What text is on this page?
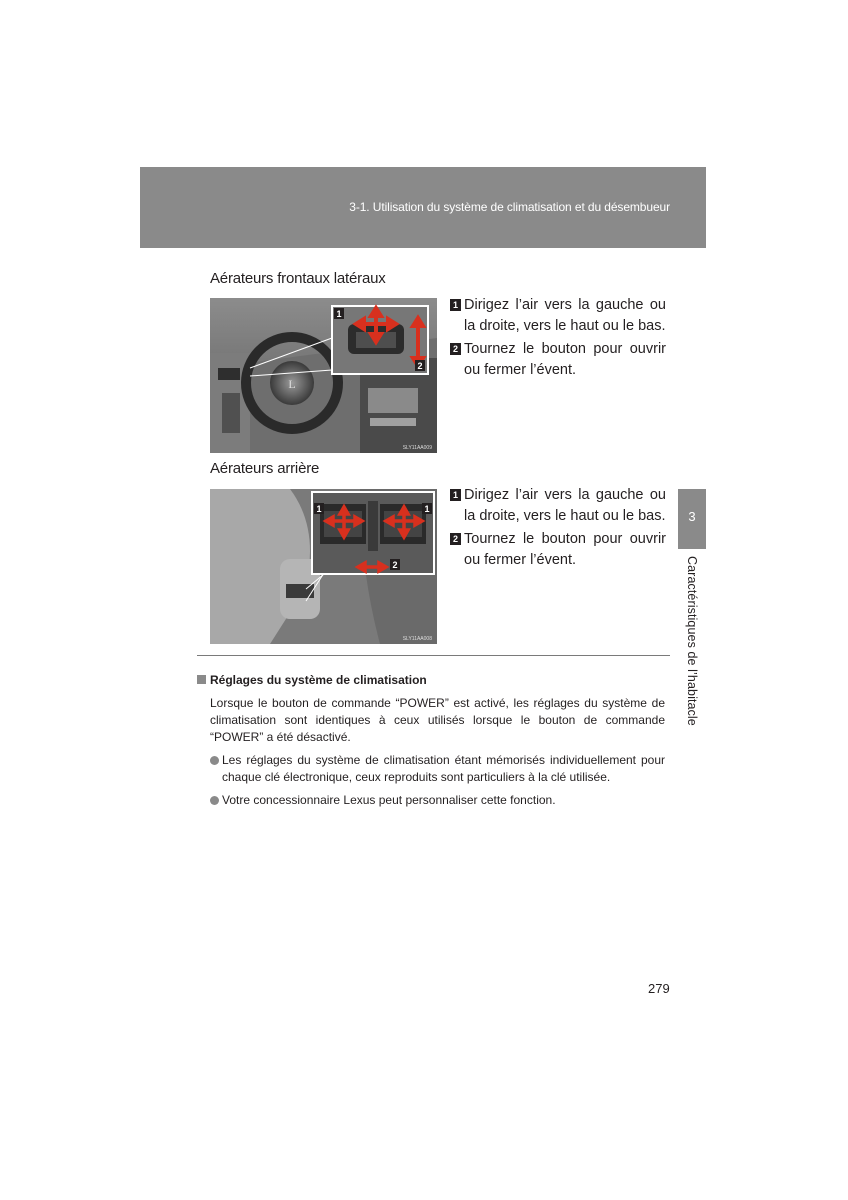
3-1. Utilisation du système de climatisation et du désembueur
Aérateurs frontaux latéraux
L
1
2
SLY11AA009
1 Dirigez l’air vers la gauche ou la droite, vers le haut ou le bas.
2 Tournez le bouton pour ouvrir ou fermer l’évent.
Aérateurs arrière
1	1
2
SLY11AA008
1 Dirigez l’air vers la gauche ou la droite, vers le haut ou le bas.
2 Tournez le bouton pour ouvrir ou fermer l’évent.
3
Caractéristiques de l’habitacle
Réglages du système de climatisation
Lorsque le bouton de commande “POWER” est activé, les réglages du système de climatisation sont identiques à ceux utilisés lorsque le bouton de commande “POWER” a été désactivé.
Les réglages du système de climatisation étant mémorisés individuellement pour chaque clé électronique, ceux reproduits sont particuliers à la clé utilisée.
Votre concessionnaire Lexus peut personnaliser cette fonction.
279
